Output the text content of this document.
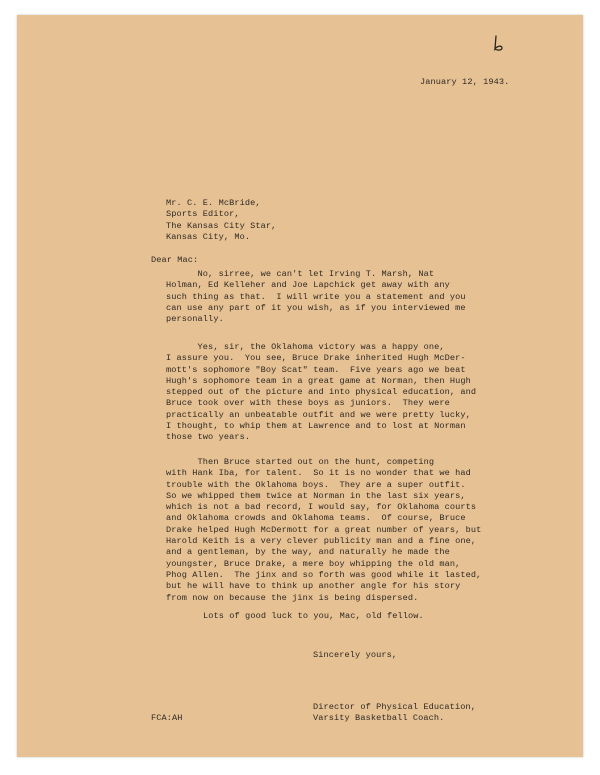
January 12, 1943.
Mr. C. E. McBride,
Sports Editor,
The Kansas City Star,
Kansas City, Mo.
Dear Mac:
No, sirree, we can't let Irving T. Marsh, Nat
Holman, Ed Kelleher and Joe Lapchick get away with any
such thing as that.  I will write you a statement and you
can use any part of it you wish, as if you interviewed me
personally.
Yes, sir, the Oklahoma victory was a happy one,
I assure you.  You see, Bruce Drake inherited Hugh McDer-
mott's sophomore "Boy Scat" team.  Five years ago we beat
Hugh's sophomore team in a great game at Norman, then Hugh
stepped out of the picture and into physical education, and
Bruce took over with these boys as juniors.  They were
practically an unbeatable outfit and we were pretty lucky,
I thought, to whip them at Lawrence and to lost at Norman
those two years.
Then Bruce started out on the hunt, competing
with Hank Iba, for talent.  So it is no wonder that we had
trouble with the Oklahoma boys.  They are a super outfit.
So we whipped them twice at Norman in the last six years,
which is not a bad record, I would say, for Oklahoma courts
and Oklahoma crowds and Oklahoma teams.  Of course, Bruce
Drake helped Hugh McDermott for a great number of years, but
Harold Keith is a very clever publicity man and a fine one,
and a gentleman, by the way, and naturally he made the
youngster, Bruce Drake, a mere boy whipping the old man,
Phog Allen.  The jinx and so forth was good while it lasted,
but he will have to think up another angle for his story
from now on because the jinx is being dispersed.
Lots of good luck to you, Mac, old fellow.
Sincerely yours,
Director of Physical Education,
Varsity Basketball Coach.
FCA:AH
